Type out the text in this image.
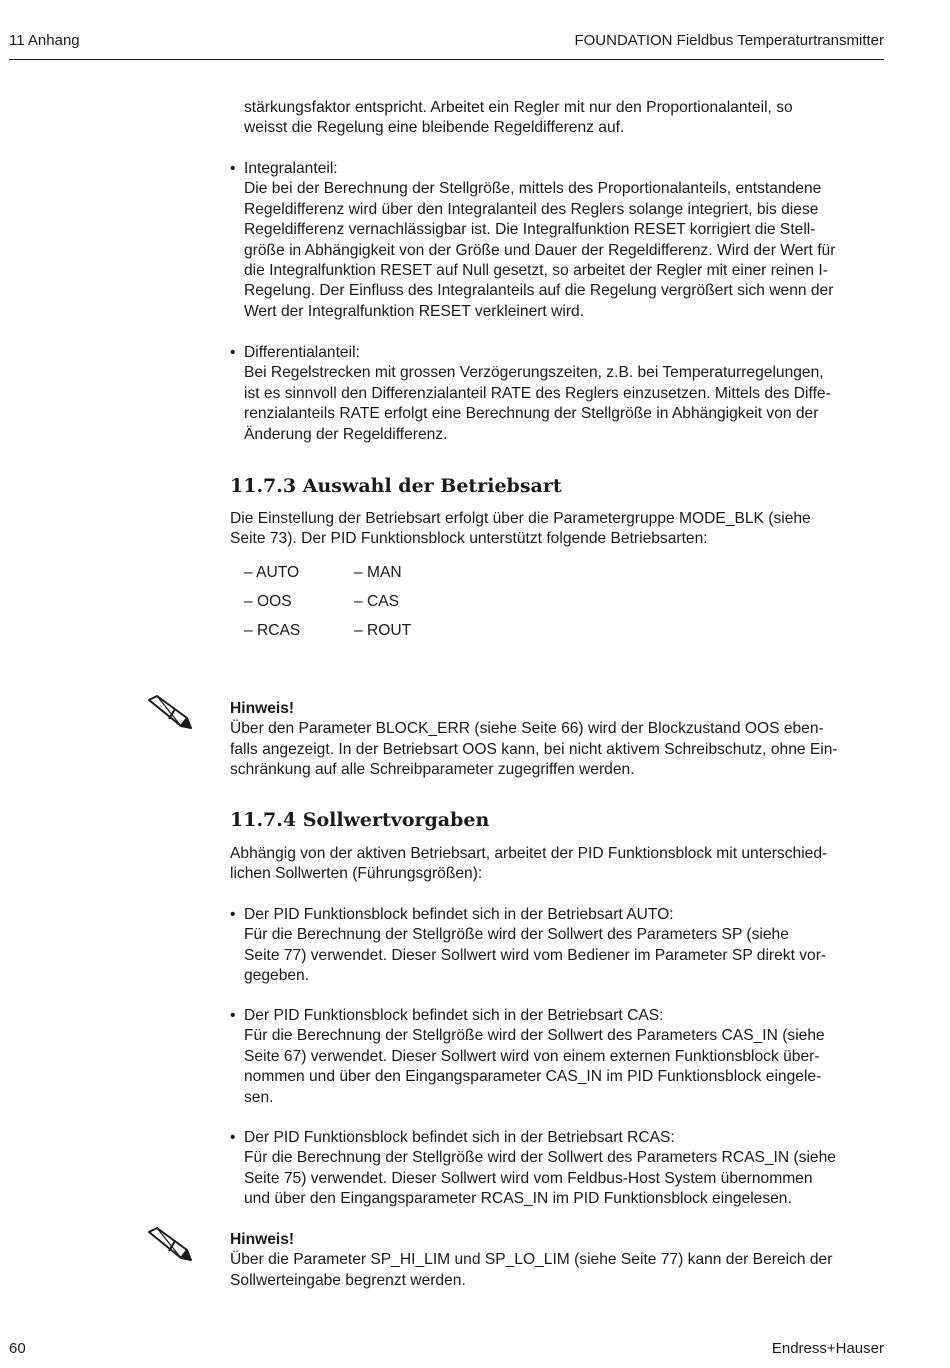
11 Anhang	FOUNDATION Fieldbus Temperaturtransmitter
stärkungsfaktor entspricht. Arbeitet ein Regler mit nur den Proportionalanteil, so
weisst die Regelung eine bleibende Regeldifferenz auf.
• Integralanteil:
Die bei der Berechnung der Stellgröße, mittels des Proportionalanteils, entstandene
Regeldifferenz wird über den Integralanteil des Reglers solange integriert, bis diese
Regeldifferenz vernachlässigbar ist. Die Integralfunktion RESET korrigiert die Stell-
größe in Abhängigkeit von der Größe und Dauer der Regeldifferenz. Wird der Wert für
die Integralfunktion RESET auf Null gesetzt, so arbeitet der Regler mit einer reinen I-
Regelung. Der Einfluss des Integralanteils auf die Regelung vergrößert sich wenn der
Wert der Integralfunktion RESET verkleinert wird.
• Differentialanteil:
Bei Regelstrecken mit grossen Verzögerungszeiten, z.B. bei Temperaturregelungen,
ist es sinnvoll den Differenzialanteil RATE des Reglers einzusetzen. Mittels des Diffe-
renzialanteils RATE erfolgt eine Berechnung der Stellgröße in Abhängigkeit von der
Änderung der Regeldifferenz.
11.7.3 Auswahl der Betriebsart
Die Einstellung der Betriebsart erfolgt über die Parametergruppe MODE_BLK (siehe
Seite 73). Der PID Funktionsblock unterstützt folgende Betriebsarten:
– AUTO
– OOS
– RCAS
– MAN
– CAS
– ROUT
Hinweis!
Über den Parameter BLOCK_ERR (siehe Seite 66) wird der Blockzustand OOS eben-
falls angezeigt. In der Betriebsart OOS kann, bei nicht aktivem Schreibschutz, ohne Ein-
schränkung auf alle Schreibparameter zugegriffen werden.
11.7.4 Sollwertvorgaben
Abhängig von der aktiven Betriebsart, arbeitet der PID Funktionsblock mit unterschied-
lichen Sollwerten (Führungsgrößen):
• Der PID Funktionsblock befindet sich in der Betriebsart AUTO:
Für die Berechnung der Stellgröße wird der Sollwert des Parameters SP (siehe
Seite 77) verwendet. Dieser Sollwert wird vom Bediener im Parameter SP direkt vor-
gegeben.
• Der PID Funktionsblock befindet sich in der Betriebsart CAS:
Für die Berechnung der Stellgröße wird der Sollwert des Parameters CAS_IN (siehe
Seite 67) verwendet. Dieser Sollwert wird von einem externen Funktionsblock über-
nommen und über den Eingangsparameter CAS_IN im PID Funktionsblock eingele-
sen.
• Der PID Funktionsblock befindet sich in der Betriebsart RCAS:
Für die Berechnung der Stellgröße wird der Sollwert des Parameters RCAS_IN (siehe
Seite 75) verwendet. Dieser Sollwert wird vom Feldbus-Host System übernommen
und über den Eingangsparameter RCAS_IN im PID Funktionsblock eingelesen.
Hinweis!
Über die Parameter SP_HI_LIM und SP_LO_LIM (siehe Seite 77) kann der Bereich der
Sollwerteingabe begrenzt werden.
60	Endress+Hauser
